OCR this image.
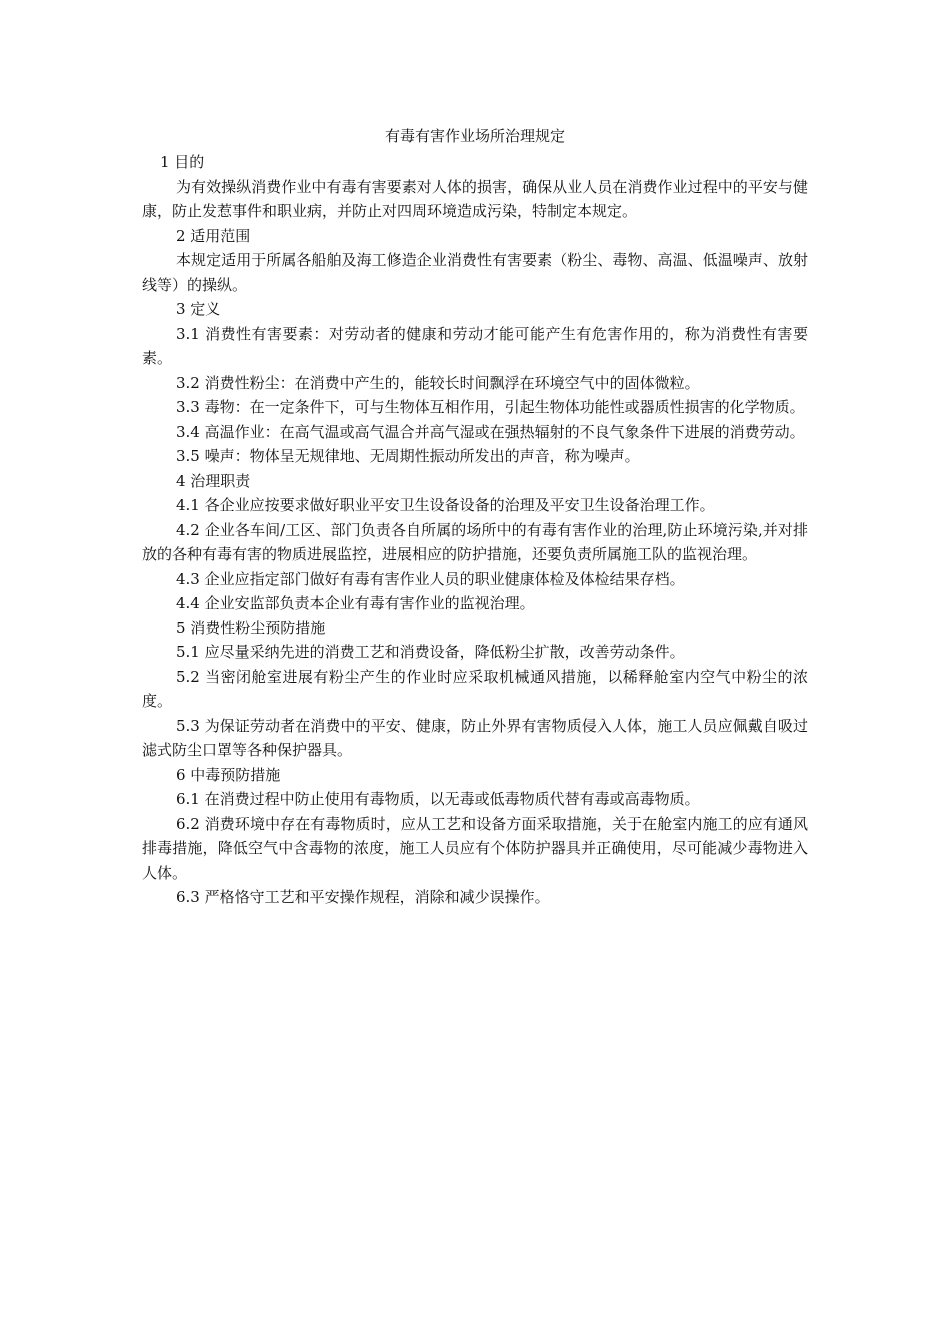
有毒有害作业场所治理规定

1 目的

为有效操纵消费作业中有毒有害要素对人体的损害，确保从业人员在消费作业过程中的平安与健康，防止发惹事件和职业病，并防止对四周环境造成污染，特制定本规定。

2 适用范围

本规定适用于所属各船舶及海工修造企业消费性有害要素（粉尘、毒物、高温、低温噪声、放射线等）的操纵。

3 定义

3.1 消费性有害要素：对劳动者的健康和劳动才能可能产生有危害作用的，称为消费性有害要素。

3.2 消费性粉尘：在消费中产生的，能较长时间飘浮在环境空气中的固体微粒。

3.3 毒物：在一定条件下，可与生物体互相作用，引起生物体功能性或器质性损害的化学物质。

3.4 高温作业：在高气温或高气温合并高气湿或在强热辐射的不良气象条件下进展的消费劳动。

3.5 噪声：物体呈无规律地、无周期性振动所发出的声音，称为噪声。

4 治理职责

4.1 各企业应按要求做好职业平安卫生设备设备的治理及平安卫生设备治理工作。

4.2 企业各车间/工区、部门负责各自所属的场所中的有毒有害作业的治理,防止环境污染,并对排放的各种有毒有害的物质进展监控，进展相应的防护措施，还要负责所属施工队的监视治理。

4.3 企业应指定部门做好有毒有害作业人员的职业健康体检及体检结果存档。

4.4 企业安监部负责本企业有毒有害作业的监视治理。

5 消费性粉尘预防措施

5.1 应尽量采纳先进的消费工艺和消费设备，降低粉尘扩散，改善劳动条件。

5.2 当密闭舱室进展有粉尘产生的作业时应采取机械通风措施，以稀释舱室内空气中粉尘的浓度。

5.3 为保证劳动者在消费中的平安、健康，防止外界有害物质侵入人体，施工人员应佩戴自吸过滤式防尘口罩等各种保护器具。

6 中毒预防措施

6.1 在消费过程中防止使用有毒物质，以无毒或低毒物质代替有毒或高毒物质。

6.2 消费环境中存在有毒物质时，应从工艺和设备方面采取措施，关于在舱室内施工的应有通风排毒措施，降低空气中含毒物的浓度，施工人员应有个体防护器具并正确使用，尽可能减少毒物进入人体。

6.3 严格恪守工艺和平安操作规程，消除和减少误操作。
